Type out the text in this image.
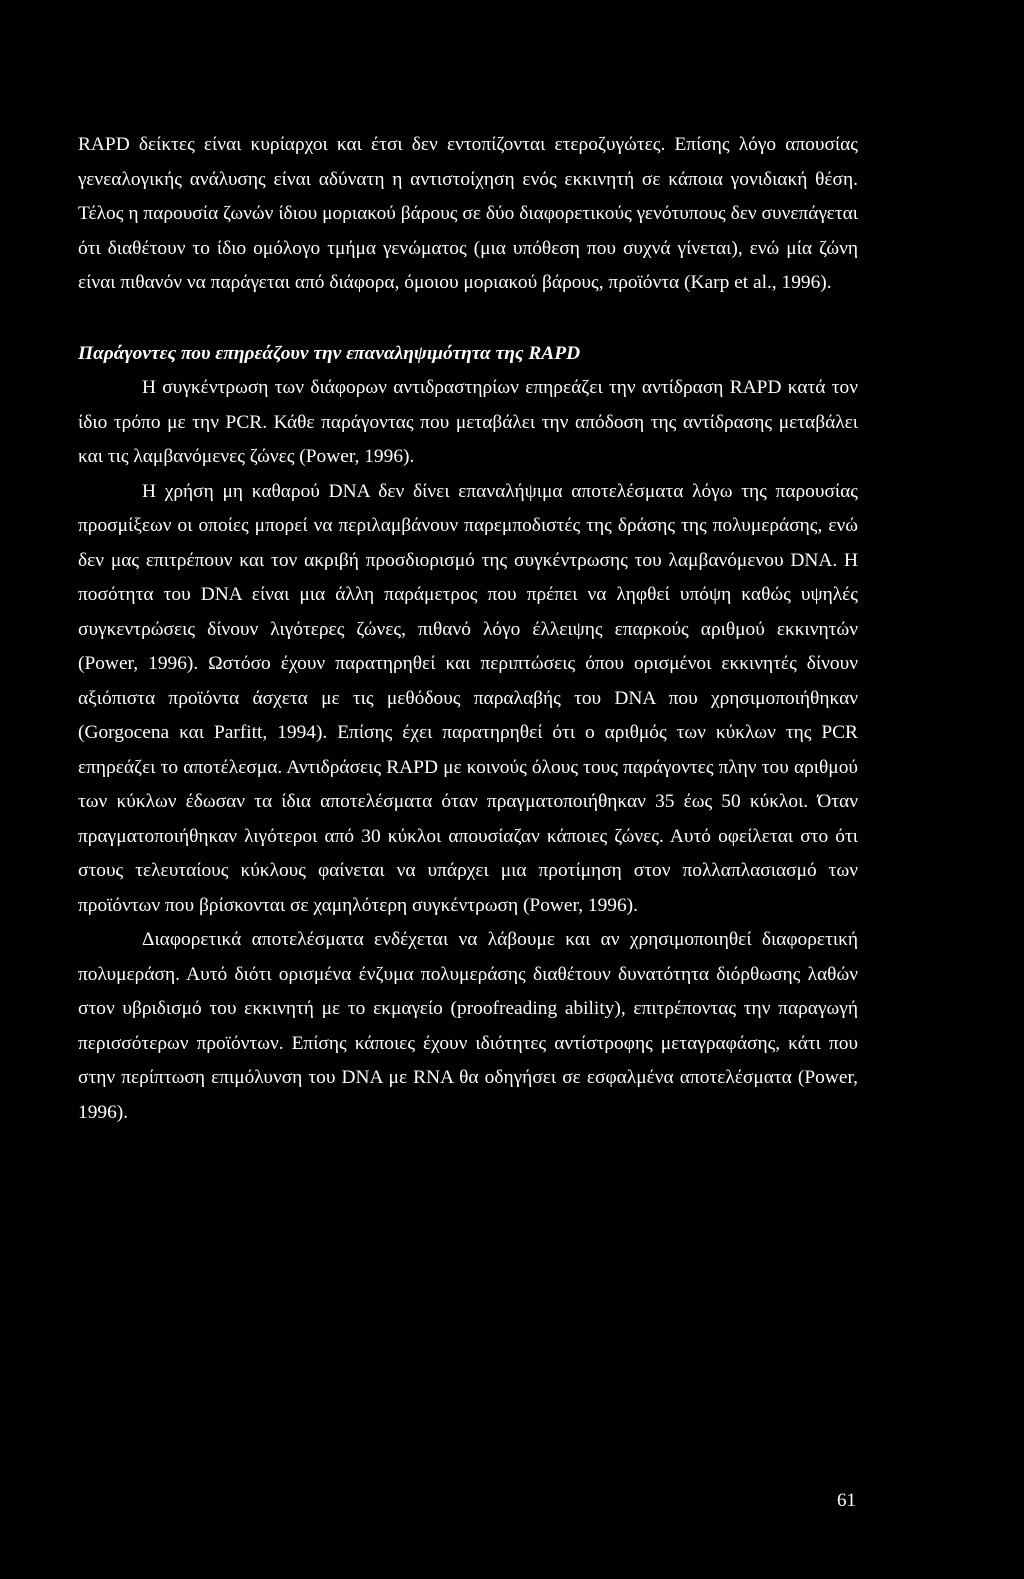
RAPD δείκτες είναι κυρίαρχοι και έτσι δεν εντοπίζονται ετεροζυγώτες. Επίσης λόγο απουσίας γενεαλογικής ανάλυσης είναι αδύνατη η αντιστοίχηση ενός εκκινητή σε κάποια γονιδιακή θέση. Τέλος η παρουσία ζωνών ίδιου μοριακού βάρους σε δύο διαφορετικούς γενότυπους δεν συνεπάγεται ότι διαθέτουν το ίδιο ομόλογο τμήμα γενώματος (μια υπόθεση που συχνά γίνεται), ενώ μία ζώνη είναι πιθανόν να παράγεται από διάφορα, όμοιου μοριακού βάρους, προϊόντα (Karp et al., 1996).

Παράγοντες που επηρεάζουν την επαναληψιμότητα της RAPD

Η συγκέντρωση των διάφορων αντιδραστηρίων επηρεάζει την αντίδραση RAPD κατά τον ίδιο τρόπο με την PCR. Κάθε παράγοντας που μεταβάλει την απόδοση της αντίδρασης μεταβάλει και τις λαμβανόμενες ζώνες (Power, 1996).

Η χρήση μη καθαρού DNA δεν δίνει επαναλήψιμα αποτελέσματα λόγω της παρουσίας προσμίξεων οι οποίες μπορεί να περιλαμβάνουν παρεμποδιστές της δράσης της πολυμεράσης, ενώ δεν μας επιτρέπουν και τον ακριβή προσδιορισμό της συγκέντρωσης του λαμβανόμενου DNA. Η ποσότητα του DNA είναι μια άλλη παράμετρος που πρέπει να ληφθεί υπόψη καθώς υψηλές συγκεντρώσεις δίνουν λιγότερες ζώνες, πιθανό λόγο έλλειψης επαρκούς αριθμού εκκινητών (Power, 1996). Ωστόσο έχουν παρατηρηθεί και περιπτώσεις όπου ορισμένοι εκκινητές δίνουν αξιόπιστα προϊόντα άσχετα με τις μεθόδους παραλαβής του DNA που χρησιμοποιήθηκαν (Gorgocena και Parfitt, 1994). Επίσης έχει παρατηρηθεί ότι ο αριθμός των κύκλων της PCR επηρεάζει το αποτέλεσμα. Αντιδράσεις RAPD με κοινούς όλους τους παράγοντες πλην του αριθμού των κύκλων έδωσαν τα ίδια αποτελέσματα όταν πραγματοποιήθηκαν 35 έως 50 κύκλοι. Όταν πραγματοποιήθηκαν λιγότεροι από 30 κύκλοι απουσίαζαν κάποιες ζώνες. Αυτό οφείλεται στο ότι στους τελευταίους κύκλους φαίνεται να υπάρχει μια προτίμηση στον πολλαπλασιασμό των προϊόντων που βρίσκονται σε χαμηλότερη συγκέντρωση (Power, 1996).

Διαφορετικά αποτελέσματα ενδέχεται να λάβουμε και αν χρησιμοποιηθεί διαφορετική πολυμεράση. Αυτό διότι ορισμένα ένζυμα πολυμεράσης διαθέτουν δυνατότητα διόρθωσης λαθών στον υβριδισμό του εκκινητή με το εκμαγείο (proofreading ability), επιτρέποντας την παραγωγή περισσότερων προϊόντων. Επίσης κάποιες έχουν ιδιότητες αντίστροφης μεταγραφάσης, κάτι που στην περίπτωση επιμόλυνση του DNA με RNA θα οδηγήσει σε εσφαλμένα αποτελέσματα (Power, 1996).

61
